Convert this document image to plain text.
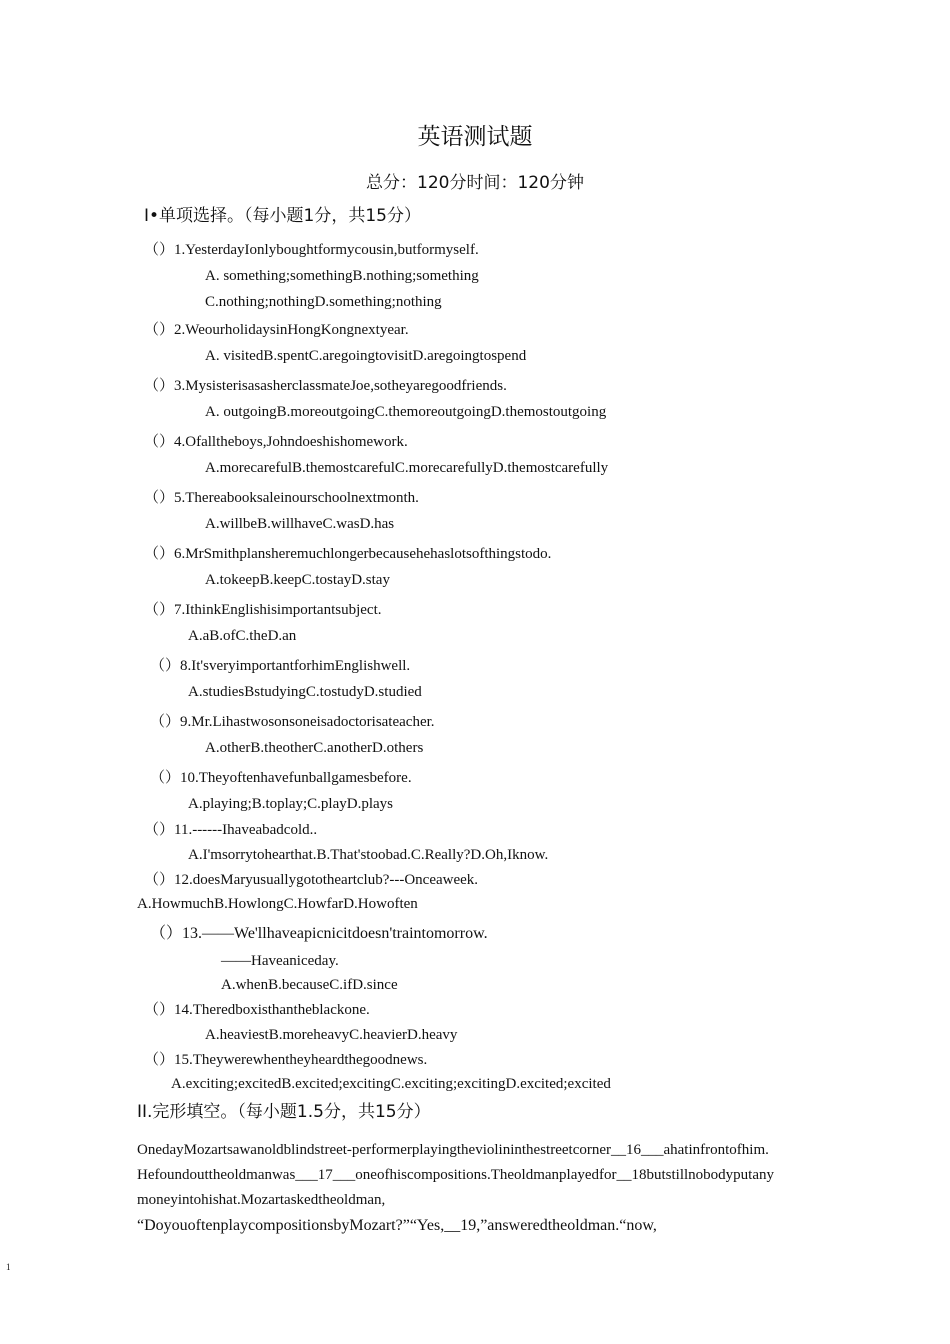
英语测试题
总分：120分时间：120分钟
Ⅰ•单项选择。（每小题1分，共15分）
（）1.YesterdayIonlyboughtformycousin,butformyself.
A. something;somethingB.nothing;something
C.nothing;nothingD.something;nothing
（）2.WeourholidaysinHongKongnextyear.
A. visitedB.spentC.aregoingtovisitD.aregoingtospend
（）3.MysisterisasasherclassmateJoe,sotheyaregoodfriends.
A. outgoingB.moreoutgoingC.themoreoutgoingD.themostoutgoing
（）4.Ofalltheboys,Johndoeshishomework.
A.morecarefulB.themostcarefulC.morecarefullyD.themostcarefully
（）5.Thereabooksaleinourschoolnextmonth.
A.willbeB.willhaveC.wasD.has
（）6.MrSmithplansheremuchlongerbecausehehaslotsofthingstodo.
A.tokeepB.keepC.tostayD.stay
（）7.IthinkEnglishisimportantsubject.
A.aB.ofC.theD.an
（）8.It'sveryimportantforhimEnglishwell.
A.studiesBstudyingC.tostudyD.studied
（）9.Mr.Lihastwosonsoneisadoctorisateacher.
A.otherB.theotherC.anotherD.others
（）10.Theyoftenhavefunballgamesbefore.
A.playing;B.toplay;C.playD.plays
（）11.------Ihaveabadcold..
A.I'msorrytohearthat.B.That'stoobad.C.Really?D.Oh,Iknow.
（）12.doesMaryusuallygototheartclub?---Onceaweek.
A.HowmuchB.HowlongC.HowfarD.Howoften
（）13.——We'llhaveapicnicitdoesn'traintomorrow.
——Haveaniceday.
A.whenB.becauseC.ifD.since
（）14.Theredboxisthantheblackone.
A.heaviestB.moreheavyC.heavierD.heavy
（）15.Theywerewhentheyheardthegoodnews.
A.exciting;excitedB.excited;excitingC.exciting;excitingD.excited;excited
II.完形填空。（每小题1.5分，共15分）
OnedayMozartsawanoldblindstreet-performerplayingtheviolininthestreetcorner__16___ahatinfrontofhim.
Hefoundouttheoldmanwas___17___oneofhiscompositions.Theoldmanplayedfor__18butstillnobodyputany
moneyintohishat.Mozartaskedtheoldman,
“DoyouoftenplaycompositionsbyMozart?”“Yes,__19,”answeredtheoldman.“now,
1
